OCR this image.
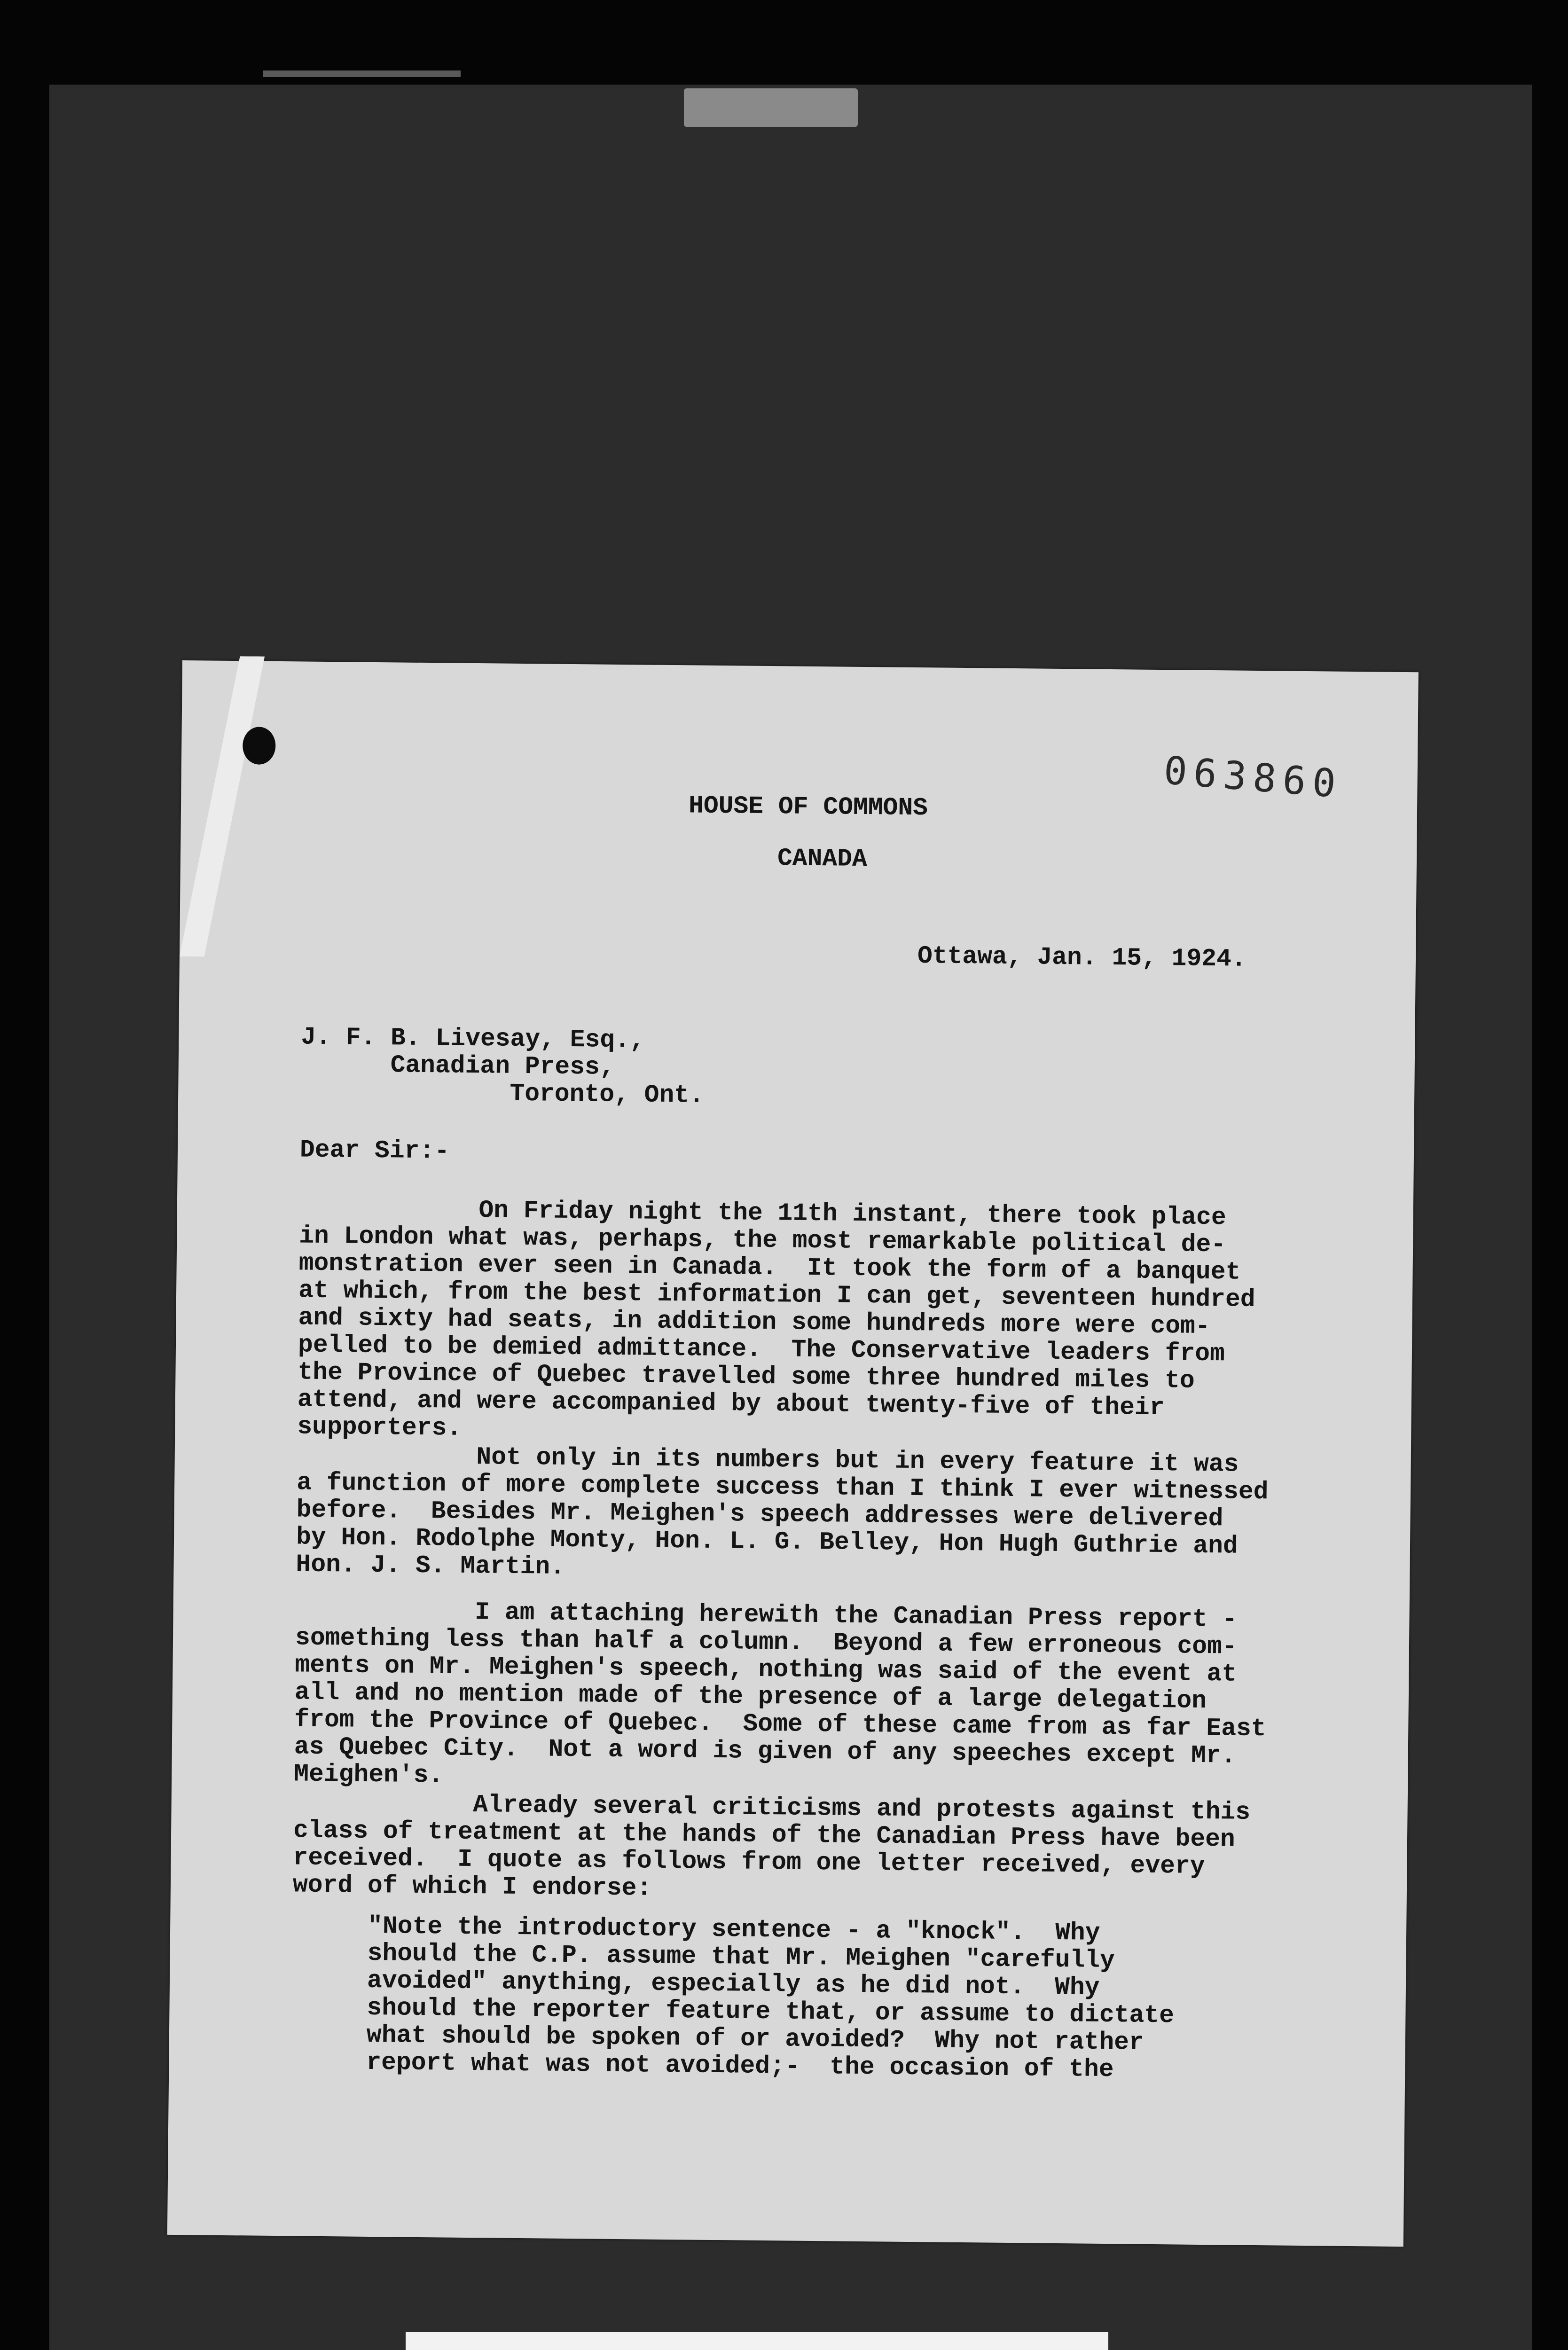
063860
HOUSE OF COMMONS
CANADA
Ottawa, Jan. 15, 1924.
J. F. B. Livesay, Esq.,
Canadian Press,
Toronto, Ont.
Dear Sir:-
On Friday night the 11th instant, there took place
in London what was, perhaps, the most remarkable political de-
monstration ever seen in Canada.  It took the form of a banquet
at which, from the best information I can get, seventeen hundred
and sixty had seats, in addition some hundreds more were com-
pelled to be demied admittance.  The Conservative leaders from
the Province of Quebec travelled some three hundred miles to
attend, and were accompanied by about twenty-five of their
supporters.
Not only in its numbers but in every feature it was
a function of more complete success than I think I ever witnessed
before.  Besides Mr. Meighen's speech addresses were delivered
by Hon. Rodolphe Monty, Hon. L. G. Belley, Hon Hugh Guthrie and
Hon. J. S. Martin.
I am attaching herewith the Canadian Press report -
something less than half a column.  Beyond a few erroneous com-
ments on Mr. Meighen's speech, nothing was said of the event at
all and no mention made of the presence of a large delegation
from the Province of Quebec.  Some of these came from as far East
as Quebec City.  Not a word is given of any speeches except Mr.
Meighen's.
Already several criticisms and protests against this
class of treatment at the hands of the Canadian Press have been
received.  I quote as follows from one letter received, every
word of which I endorse:
"Note the introductory sentence - a "knock".  Why
should the C.P. assume that Mr. Meighen "carefully
avoided" anything, especially as he did not.  Why
should the reporter feature that, or assume to dictate
what should be spoken of or avoided?  Why not rather
report what was not avoided;-  the occasion of the
